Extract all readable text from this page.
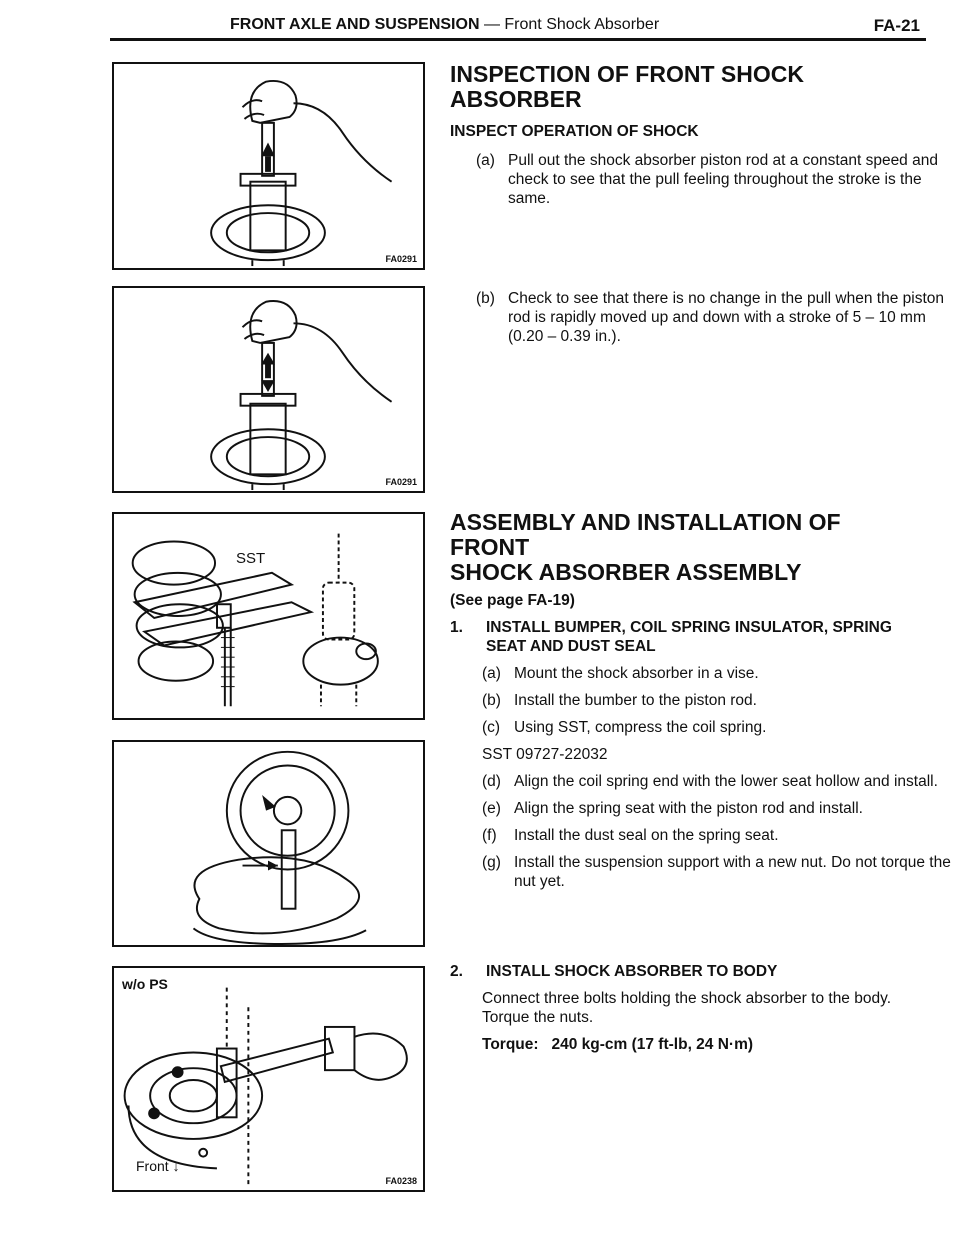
FRONT AXLE AND SUSPENSION — Front Shock Absorber	FA-21
FA0291
FA0291
SST
w/o PS
Front ↓
FA0238
INSPECTION OF FRONT SHOCK ABSORBER
INSPECT OPERATION OF SHOCK
(a) Pull out the shock absorber piston rod at a constant speed and check to see that the pull feeling throughout the stroke is the same.
(b) Check to see that there is no change in the pull when the piston rod is rapidly moved up and down with a stroke of 5 – 10 mm (0.20 – 0.39 in.).
ASSEMBLY AND INSTALLATION OF FRONT
SHOCK ABSORBER ASSEMBLY
(See page FA-19)
1. INSTALL BUMPER, COIL SPRING INSULATOR, SPRING SEAT AND DUST SEAL
(a) Mount the shock absorber in a vise.
(b) Install the bumber to the piston rod.
(c) Using SST, compress the coil spring.
SST 09727-22032
(d) Align the coil spring end with the lower seat hollow and install.
(e) Align the spring seat with the piston rod and install.
(f) Install the dust seal on the spring seat.
(g) Install the suspension support with a new nut. Do not torque the nut yet.
2. INSTALL SHOCK ABSORBER TO BODY
Connect three bolts holding the shock absorber to the body. Torque the nuts.
Torque: 240 kg-cm (17 ft-lb, 24 N·m)
